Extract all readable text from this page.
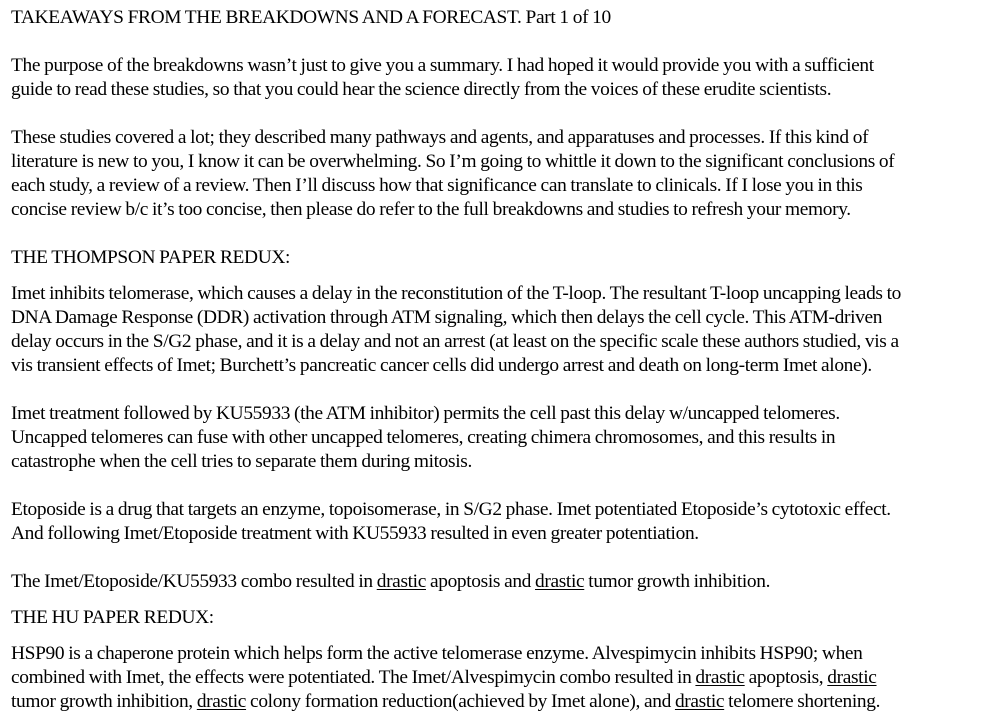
TAKEAWAYS FROM THE BREAKDOWNS AND A FORECAST. Part 1 of 10
The purpose of the breakdowns wasn’t just to give you a summary. I had hoped it would provide you with a sufficient
guide to read these studies, so that you could hear the science directly from the voices of these erudite scientists.
These studies covered a lot; they described many pathways and agents, and apparatuses and processes. If this kind of
literature is new to you, I know it can be overwhelming. So I’m going to whittle it down to the significant conclusions of
each study, a review of a review. Then I’ll discuss how that significance can translate to clinicals. If I lose you in this
concise review b/c it’s too concise, then please do refer to the full breakdowns and studies to refresh your memory.
THE THOMPSON PAPER REDUX:
Imet inhibits telomerase, which causes a delay in the reconstitution of the T-loop. The resultant T-loop uncapping leads to
DNA Damage Response (DDR) activation through ATM signaling, which then delays the cell cycle. This ATM-driven
delay occurs in the S/G2 phase, and it is a delay and not an arrest (at least on the specific scale these authors studied, vis a
vis transient effects of Imet; Burchett’s pancreatic cancer cells did undergo arrest and death on long-term Imet alone).
Imet treatment followed by KU55933 (the ATM inhibitor) permits the cell past this delay w/uncapped telomeres.
Uncapped telomeres can fuse with other uncapped telomeres, creating chimera chromosomes, and this results in
catastrophe when the cell tries to separate them during mitosis.
Etoposide is a drug that targets an enzyme, topoisomerase, in S/G2 phase. Imet potentiated Etoposide’s cytotoxic effect.
And following Imet/Etoposide treatment with KU55933 resulted in even greater potentiation.
The Imet/Etoposide/KU55933 combo resulted in drastic apoptosis and drastic tumor growth inhibition.
THE HU PAPER REDUX:
HSP90 is a chaperone protein which helps form the active telomerase enzyme. Alvespimycin inhibits HSP90; when
combined with Imet, the effects were potentiated. The Imet/Alvespimycin combo resulted in drastic apoptosis, drastic
tumor growth inhibition, drastic colony formation reduction(achieved by Imet alone), and drastic telomere shortening.
